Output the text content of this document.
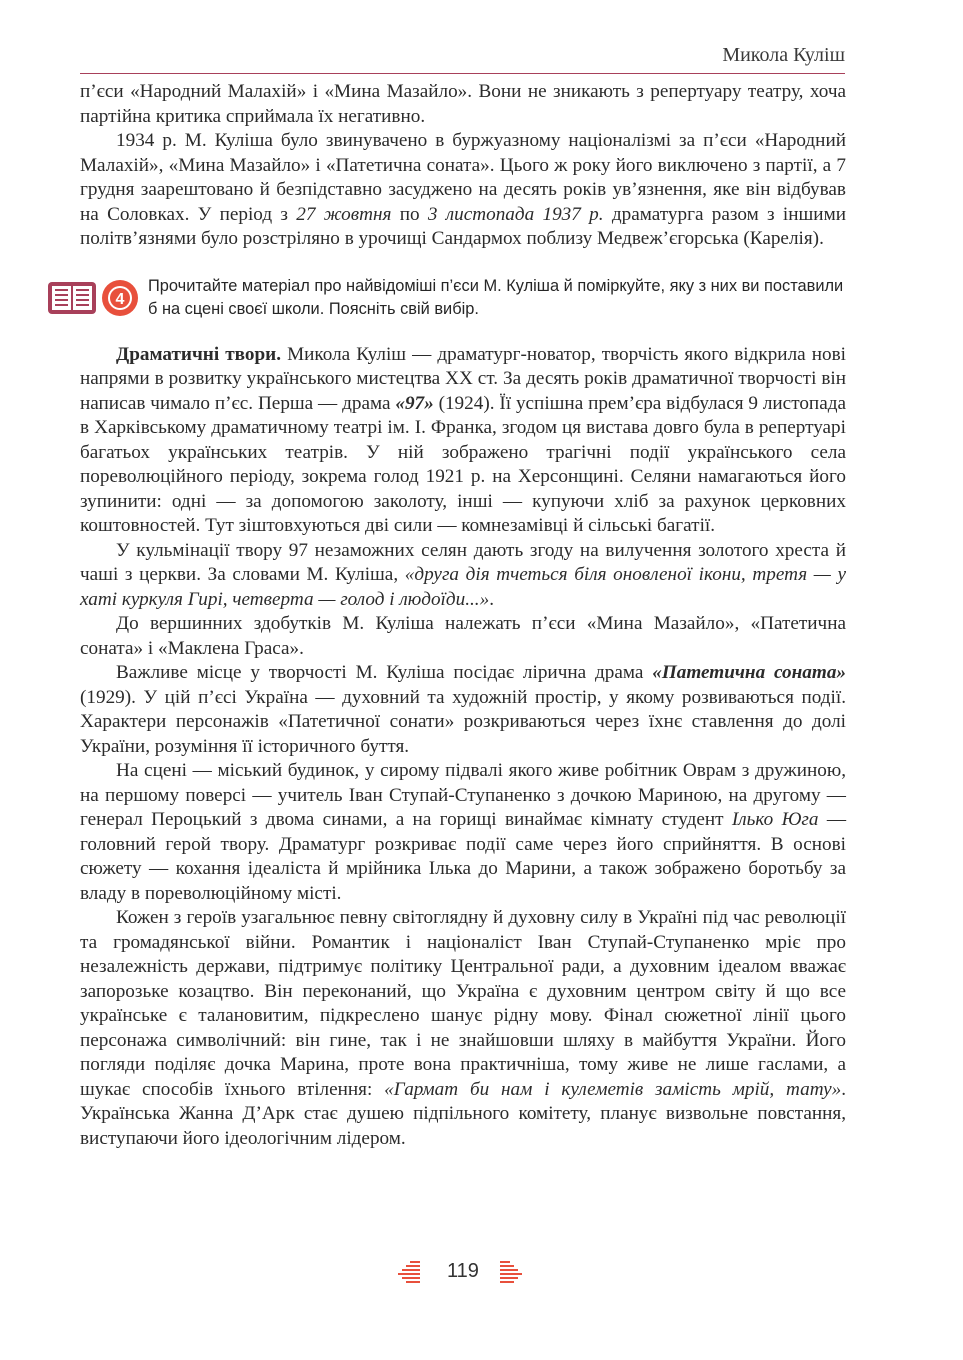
Микола Куліш

п’єси «Народний Малахій» і «Мина Мазайло». Вони не зникають з репертуару театру, хоча партійна критика сприймала їх негативно.

1934 р. М. Куліша було звинувачено в буржуазному націоналізмі за п’єси «Народний Малахій», «Мина Мазайло» і «Патетична соната». Цього ж року його виключено з партії, а 7 грудня заарештовано й безпідставно засуджено на десять років ув’язнення, яке він відбував на Соловках. У період з 27 жовтня по 3 листопада 1937 р. драматурга разом з іншими політв’язнями було розстріляно в урочищі Сандармох поблизу Медвеж’єгорська (Карелія).

4
Прочитайте матеріал про найвідоміші п’єси М. Куліша й поміркуйте, яку з них ви поставили б на сцені своєї школи. Поясніть свій вибір.

Драматичні твори. Микола Куліш — драматург-новатор, творчість якого відкрила нові напрями в розвитку українського мистецтва ХХ ст. За десять років драматичної творчості він написав чимало п’єс. Перша — драма «97» (1924). Її успішна прем’єра відбулася 9 листопада в Харківському драматичному театрі ім. І. Франка, згодом ця вистава довго була в репертуарі багатьох українських театрів. У ній зображено трагічні події українського села пореволюційного періоду, зокрема голод 1921 р. на Херсонщині. Селяни намагаються його зупинити: одні — за допомогою заколоту, інші — купуючи хліб за рахунок церковних коштовностей. Тут зіштовхуються дві сили — комнезамівці й сільські багатії.

У кульмінації твору 97 незаможних селян дають згоду на вилучення золотого хреста й чаші з церкви. За словами М. Куліша, «друга дія тчеться біля оновленої ікони, третя — у хаті куркуля Гирі, четверта — голод і людоїди...».

До вершинних здобутків М. Куліша належать п’єси «Мина Мазайло», «Патетична соната» і «Маклена Граса».

Важливе місце у творчості М. Куліша посідає лірична драма «Патетична соната» (1929). У цій п’єсі Україна — духовний та художній простір, у якому розвиваються події. Характери персонажів «Патетичної сонати» розкриваються через їхнє ставлення до долі України, розуміння її історичного буття.

На сцені — міський будинок, у сирому підвалі якого живе робітник Оврам з дружиною, на першому поверсі — учитель Іван Ступай-Ступаненко з дочкою Мариною, на другому — генерал Пероцький з двома синами, а на горищі винаймає кімнату студент Ілько Юга — головний герой твору. Драматург розкриває події саме через його сприйняття. В основі сюжету — кохання ідеаліста й мрійника Ілька до Марини, а також зображено боротьбу за владу в пореволюційному місті.

Кожен з героїв узагальнює певну світоглядну й духовну силу в Україні під час революції та громадянської війни. Романтик і націоналіст Іван Ступай-Ступаненко мріє про незалежність держави, підтримує політику Центральної ради, а духовним ідеалом вважає запорозьке козацтво. Він переконаний, що Україна є духовним центром світу й що все українське є талановитим, підкреслено шанує рідну мову. Фінал сюжетної лінії цього персонажа символічний: він гине, так і не знайшовши шляху в майбуття України. Його погляди поділяє дочка Марина, проте вона практичніша, тому живе не лише гаслами, а шукає способів їхнього втілення: «Гармат би нам і кулеметів замість мрій, тату». Українська Жанна Д’Арк стає душею підпільного комітету, планує визвольне повстання, виступаючи його ідеологічним лідером.

119
